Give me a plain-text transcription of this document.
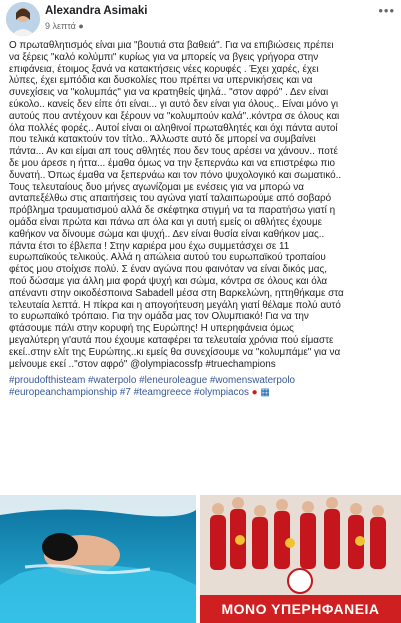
Alexandra Asimaki
9 λεπτά ●
•••
Ο πρωταθλητισμός είναι μια "βουτιά στα βαθειά". Για να επιβιώσεις πρέπει
να ξέρεις "καλό κολύμπι" κυρίως για να μπορείς να βγεις γρήγορα στην
επιφάνεια, έτοιμος ξανά να κατακτήσεις νέες κορυφές . Έχει χαρές, έχει
λύπες, έχει εμπόδια και δυσκολίες που πρέπει να υπερνικήσεις και να
συνεχίσεις να "κολυμπάς" για να κρατηθείς ψηλά.. "στον αφρό" . Δεν είναι
εύκολο.. κανείς δεν είπε ότι είναι... γι αυτό δεν είναι για όλους.. Είναι μόνο γι
αυτούς που αντέχουν και ξέρουν να "κολυμπούν καλά"..κόντρα σε όλους και
όλα πολλές φορές.. Αυτοί είναι οι αληθινοί πρωταθλητές και όχι πάντα αυτοί
που τελικά κατακτούν τον τίτλο.. Άλλωστε αυτό δε μπορεί να συμβαίνει
πάντα... Αν και είμαι απ τους αθλητές που δεν τους αρέσει να χάνουν.. ποτέ
δε μου άρεσε η ήττα... έμαθα όμως να την ξεπερνάω και να επιστρέφω πιο
δυνατή.. Όπως έμαθα να ξεπερνάω και τον πόνο ψυχολογικό και σωματικό..
Τους τελευταίους δυο μήνες αγωνίζομαι με ενέσεις για να μπορώ να
ανταπεξέλθω στις απαιτήσεις του αγώνα γιατί ταλαιπωρούμε από σοβαρό
πρόβλημα τραυματισμού αλλά δε σκέφτηκα στιγμή να τα παρατήσω γιατί η
ομάδα είναι πρώτα και πάνω απ όλα και γι αυτή εμείς οι αθλήτες έχουμε
καθήκον να δίνουμε σώμα και ψυχή.. Δεν είναι θυσία είναι καθήκον μας..
πάντα έτσι το έβλεπα ! Στην καριέρα μου έχω συμμετάσχει σε 11
ευρωπαϊκούς τελικούς. Αλλά η απώλεια αυτού του ευρωπαϊκού τροπαίου
φέτος μου στοίχισε πολύ. Σ έναν αγώνα που φαινόταν να είναι δικός μας,
πού δώσαμε για άλλη μια φορά ψυχή και σώμα, κόντρα σε όλους και όλα
απέναντι στην οικοδέσποινα Sabadell μέσα στη Βαρκελώνη, ηττηθήκαμε στα
τελευταία λεπτά. Η πίκρα και η απογοήτευση μεγάλη γιατί θέλαμε πολύ αυτό
το ευρωπαϊκό τρόπαιο. Για την ομάδα μας τον Ολυμπιακό! Για να την
φτάσουμε πάλι στην κορυφή της Ευρώπης! Η υπερηφάνεια όμως
μεγαλύτερη γι'αυτά που έχουμε καταφέρει τα τελευταία χρόνια πού είμαστε
εκεί..στην ελίτ της Ευρώπης..κι εμείς θα συνεχίσουμε να "κολυμπάμε" για να
μείνουμε εκεί .."στον αφρό" @olympiacossfp #truechampions
#proudofthisteam #waterpolo #leneuroleague #womenswaterpolo
#europeanchampionship #7 #teamgreece #olympiacos ● ▦
ΜΟΝΟ ΥΠΕΡΗΦΑΝΕΙΑ
